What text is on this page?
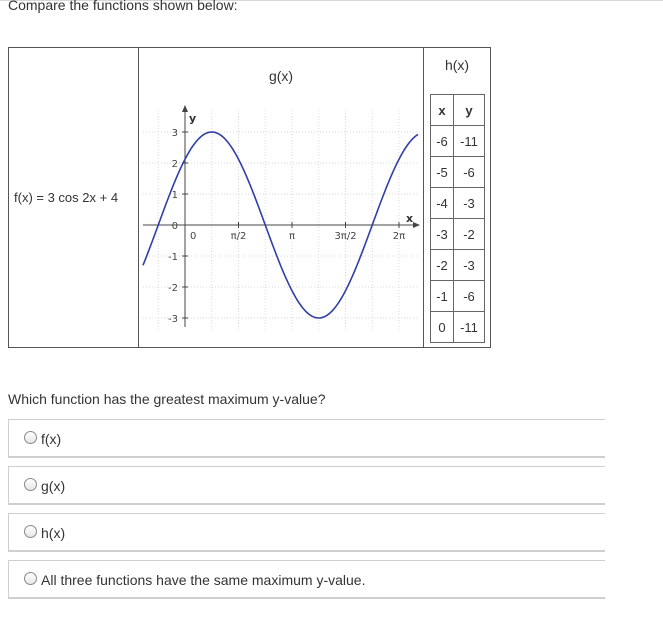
Compare the functions shown below:
f(x) = 3 cos 2x + 4	
g(x)
y
x
3
2
1
0
-1
-2
-3
0	π/2	π	3π/2	2π

h(x)
x	y
-6	-11
-5	-6
-4	-3
-3	-2
-2	-3
-1	-6
0	-11
Which function has the greatest maximum y-value?
f(x)
g(x)
h(x)
All three functions have the same maximum y-value.
